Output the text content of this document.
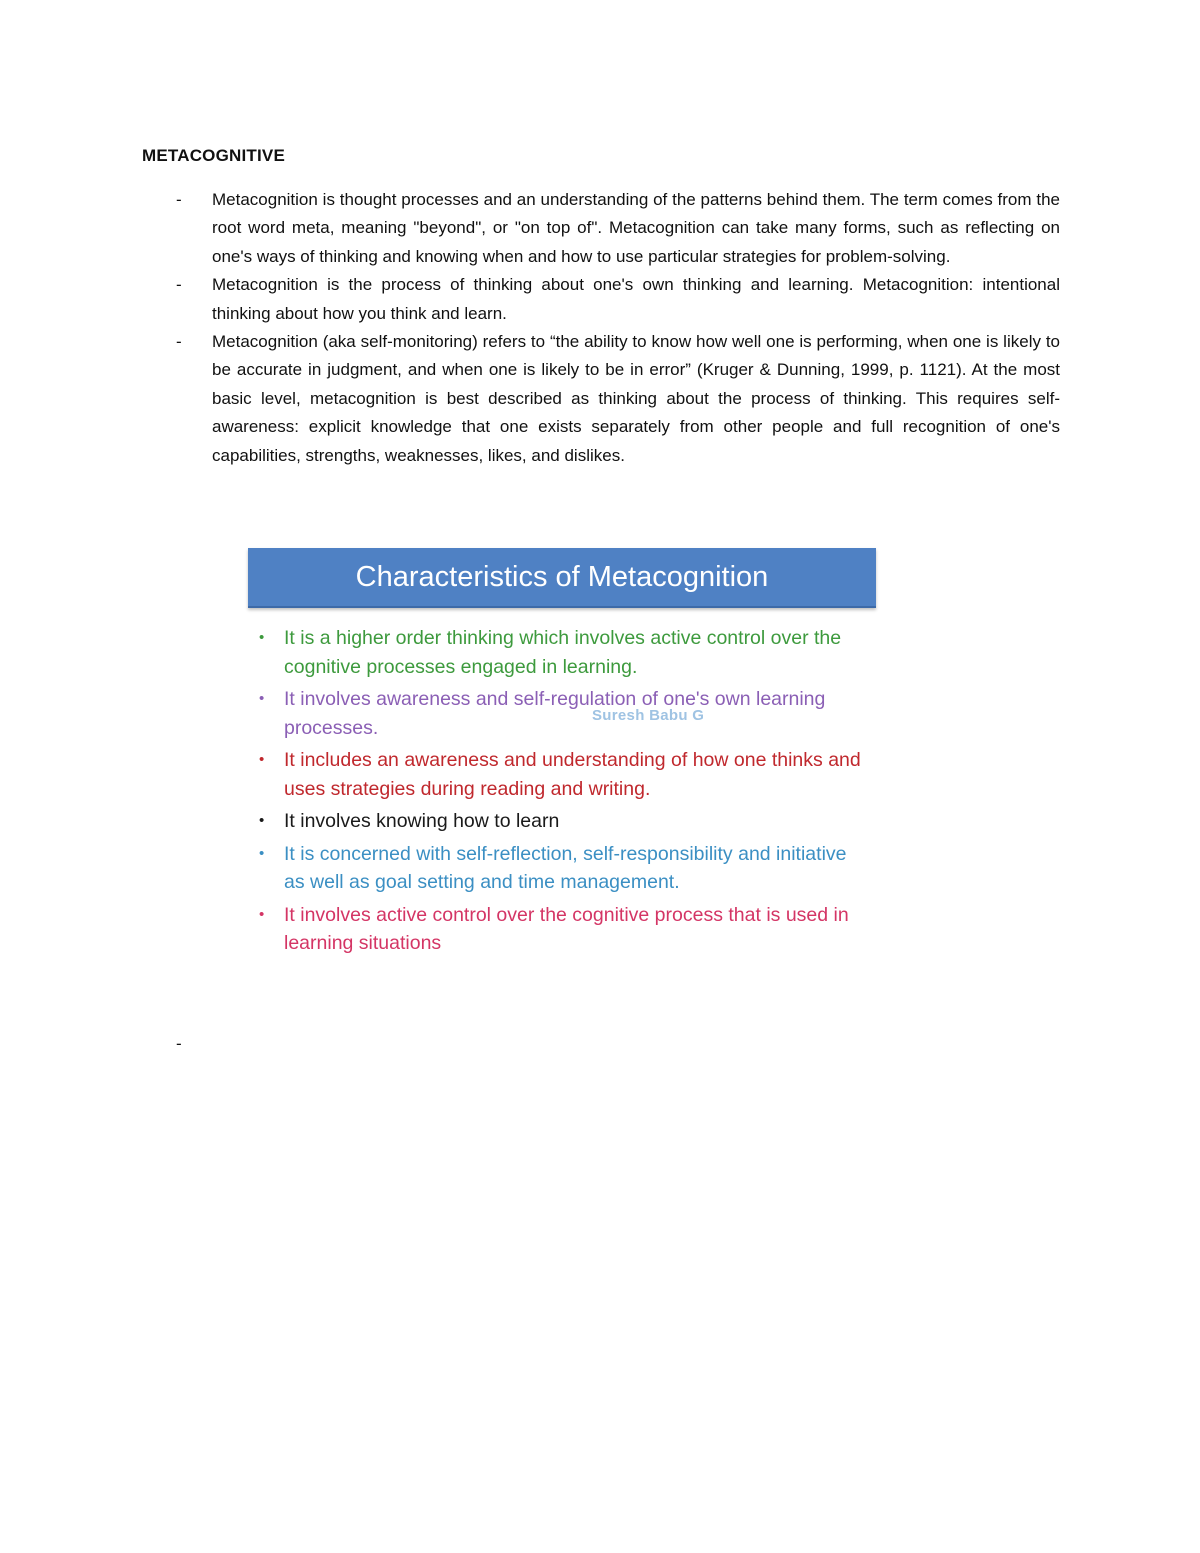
METACOGNITIVE
-	Metacognition is thought processes and an understanding of the patterns behind them. The term comes from the root word meta, meaning "beyond", or "on top of". Metacognition can take many forms, such as reflecting on one's ways of thinking and knowing when and how to use particular strategies for problem-solving.
-	Metacognition is the process of thinking about one's own thinking and learning. Metacognition: intentional thinking about how you think and learn.
-	Metacognition (aka self-monitoring) refers to “the ability to know how well one is performing, when one is likely to be accurate in judgment, and when one is likely to be in error” (Kruger & Dunning, 1999, p. 1121). At the most basic level, metacognition is best described as thinking about the process of thinking. This requires self-awareness: explicit knowledge that one exists separately from other people and full recognition of one's capabilities, strengths, weaknesses, likes, and dislikes.
Characteristics of Metacognition
• It is a higher order thinking which involves active control over the cognitive processes engaged in learning.
• It involves awareness and self-regulation of one's own learning processes.
• It includes an awareness and understanding of how one thinks and uses strategies during reading and writing.
• It involves knowing how to learn
• It is concerned with self-reflection, self-responsibility and initiative as well as goal setting and time management.
• It involves active control over the cognitive process that is used in learning situations
Suresh Babu G
-
